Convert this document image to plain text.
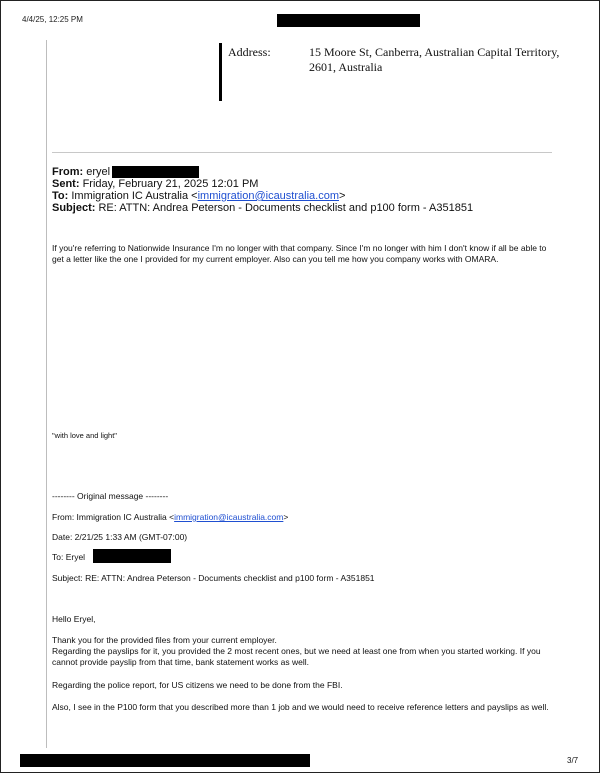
4/4/25, 12:25 PM
Address:	15 Moore St, Canberra, Australian Capital Territory,
2601, Australia
From: eryel
Sent: Friday, February 21, 2025 12:01 PM
To: Immigration IC Australia <immigration@icaustralia.com>
Subject: RE: ATTN: Andrea Peterson - Documents checklist and p100 form - A351851
If you're referring to Nationwide Insurance I'm no longer with that company. Since I'm no longer with him I don't know if all be able to get a letter like the one I provided for my current employer. Also can you tell me how you company works with OMARA.
"with love and light"
-------- Original message --------
From: Immigration IC Australia <immigration@icaustralia.com>
Date: 2/21/25 1:33 AM (GMT-07:00)
To: Eryel
Subject: RE: ATTN: Andrea Peterson - Documents checklist and p100 form - A351851
Hello Eryel,
Thank you for the provided files from your current employer.
Regarding the payslips for it, you provided the 2 most recent ones, but we need at least one from when you started working. If you cannot provide payslip from that time, bank statement works as well.
Regarding the police report, for US citizens we need to be done from the FBI.
Also, I see in the P100 form that you described more than 1 job and we would need to receive reference letters and payslips as well.
3/7
